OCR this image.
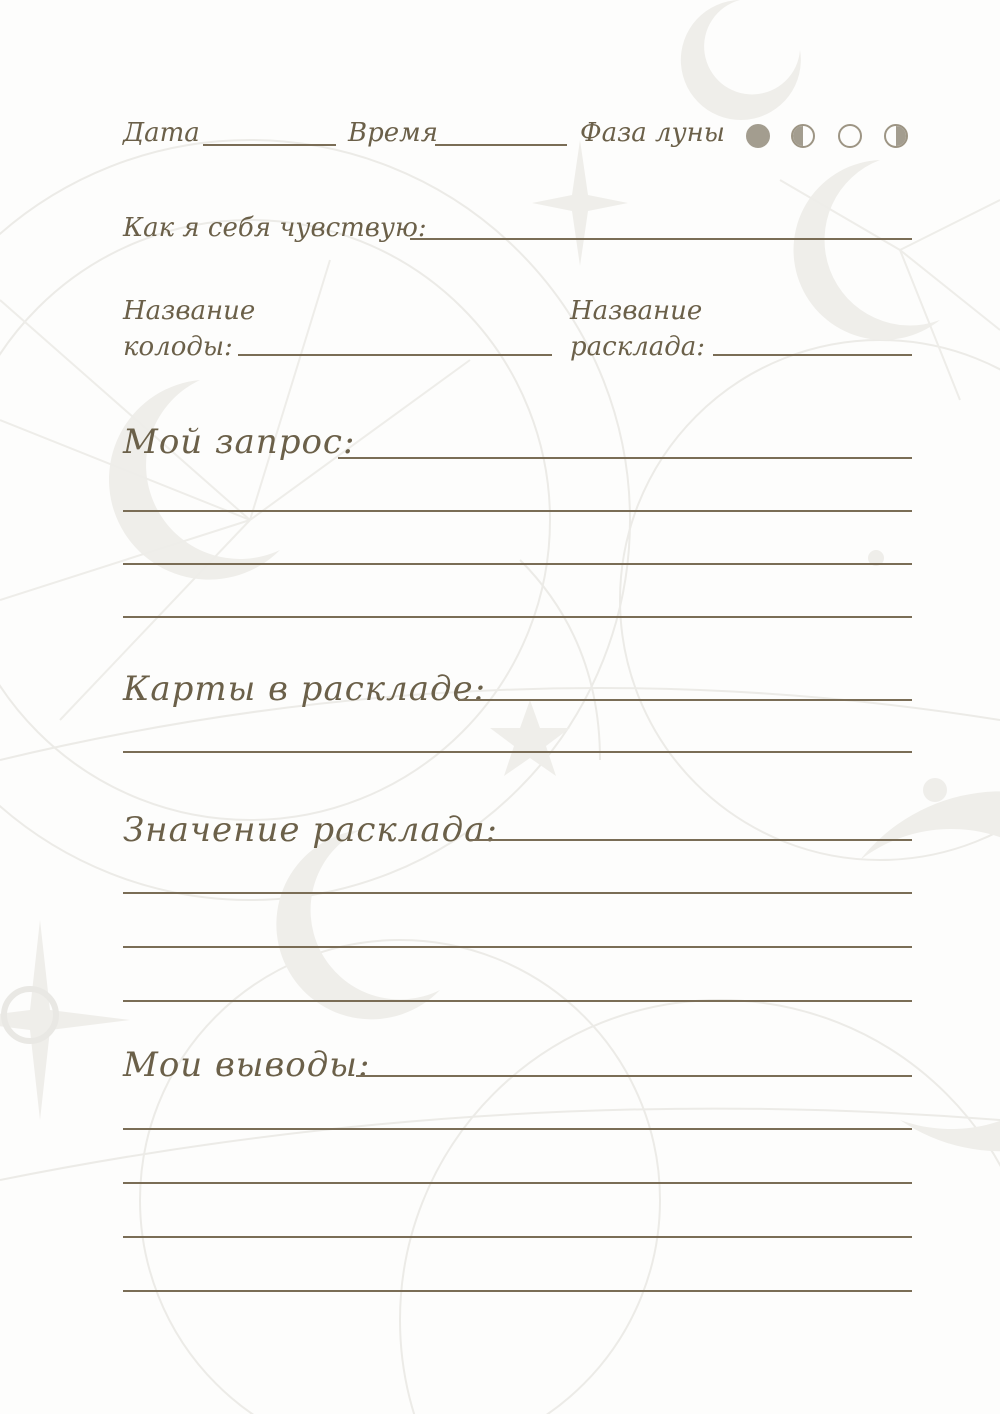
Дата	Время	Фаза луны
Как я себя чувствую:
Название
колоды:
Название
расклада:
Мой запрос:
Карты в раскладе:
Значение расклада:
Мои выводы:
